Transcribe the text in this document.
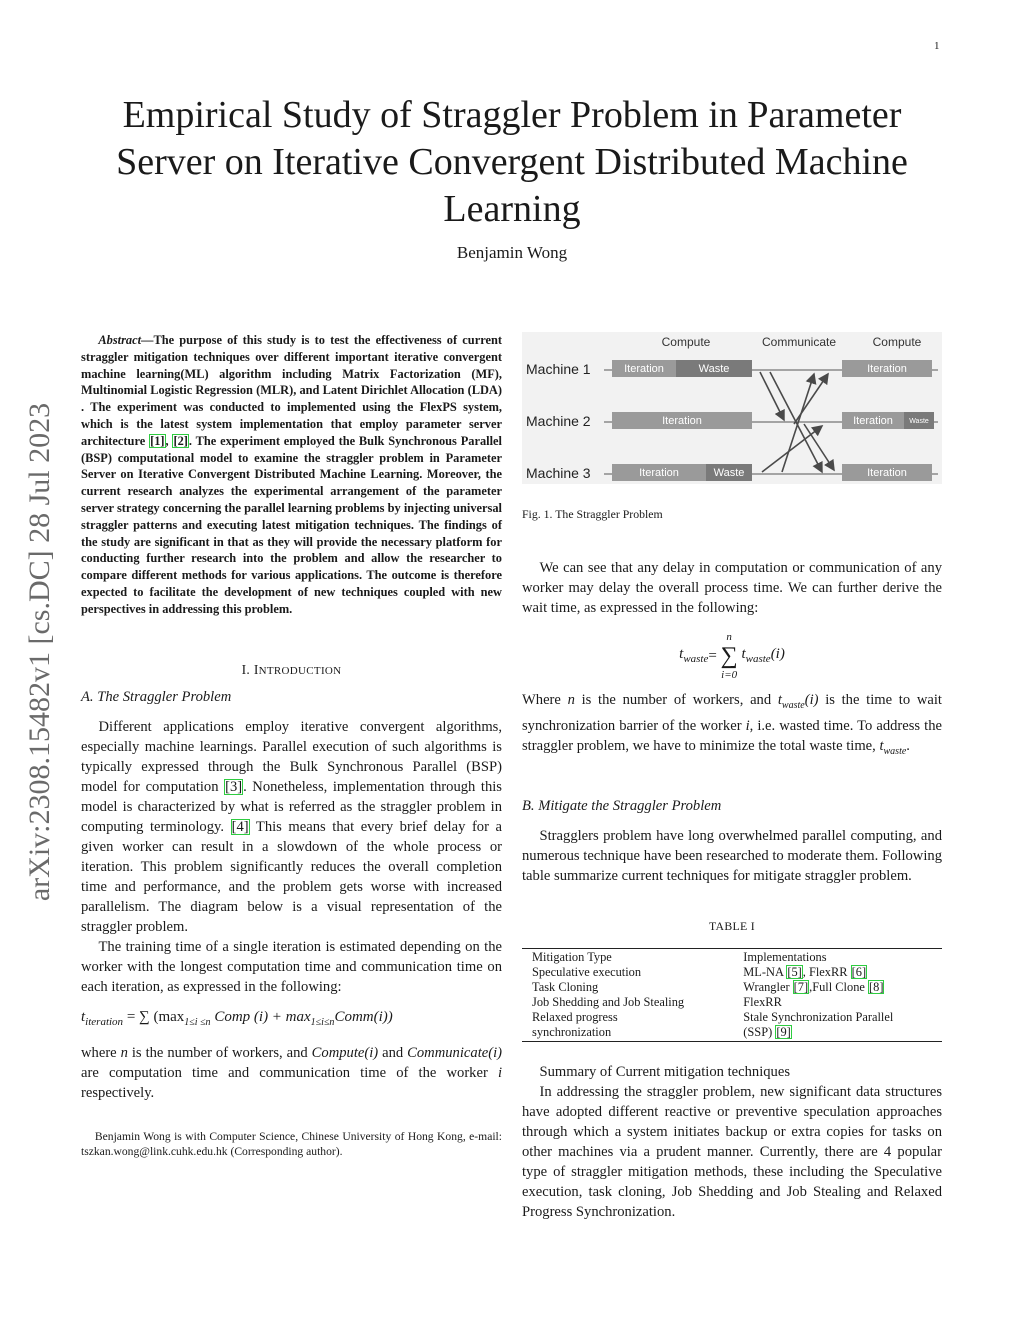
1
arXiv:2308.15482v1 [cs.DC] 28 Jul 2023
Empirical Study of Straggler Problem in Parameter
Server on Iterative Convergent Distributed Machine
Learning
Benjamin Wong

Abstract—The purpose of this study is to test the effectiveness of current straggler mitigation techniques over different important iterative convergent machine learning(ML) algorithm including Matrix Factorization (MF), Multinomial Logistic Regression (MLR), and Latent Dirichlet Allocation (LDA) . The experiment was conducted to implemented using the FlexPS system, which is the latest system implementation that employ parameter server architecture [1], [2]. The experiment employed the Bulk Synchronous Parallel (BSP) computational model to examine the straggler problem in Parameter Server on Iterative Convergent Distributed Machine Learning. Moreover, the current research analyzes the experimental arrangement of the parameter server strategy concerning the parallel learning problems by injecting universal straggler patterns and executing latest mitigation techniques. The findings of the study are significant in that as they will provide the necessary platform for conducting further research into the problem and allow the researcher to compare different methods for various applications. The outcome is therefore expected to facilitate the development of new techniques coupled with new perspectives in addressing this problem.

I. INTRODUCTION
A. The Straggler Problem

Different applications employ iterative convergent algorithms, especially machine learnings. Parallel execution of such algorithms is typically expressed through the Bulk Synchronous Parallel (BSP) model for computation [3]. Nonetheless, implementation through this model is characterized by what is referred as the straggler problem in computing terminology. [4] This means that every brief delay for a given worker can result in a slowdown of the whole process or iteration. This problem significantly reduces the overall completion time and performance, and the problem gets worse with increased parallelism. The diagram below is a visual representation of the straggler problem.

The training time of a single iteration is estimated depending on the worker with the longest computation time and communication time on each iteration, as expressed in the following:

$t_{iteration}$ = ∑ ($\max_{1\le i \le n}$ Comp $(i) + \max_{1\le i\le n}Comm(i)$)

where n is the number of workers, and Compute(i) and Communicate(i) are computation time and communication time of the worker i respectively.

Benjamin Wong is with Computer Science, Chinese University of Hong Kong, e-mail: tszkan.wong@link.cuhk.edu.hk (Corresponding author).

Compute	Communicate	Compute
Machine 1
Machine 2
Machine 3
Iteration	Waste	Iteration
Iteration	Iteration Waste
Iteration	Waste	Iteration
Fig. 1. The Straggler Problem

We can see that any delay in computation or communication of any worker may delay the overall process time. We can further derive the wait time, as expressed in the following:

$t_{waste}=$
n
∑
i=0
$t_{waste}(i)$

Where n is the number of workers, and $t_{waste}(i)$ is the time to wait synchronization barrier of the worker i, i.e. wasted time. To address the straggler problem, we have to minimize the total waste time, $t_{waste}$.

B. Mitigate the Straggler Problem

Stragglers problem have long overwhelmed parallel computing, and numerous technique have been researched to moderate them. Following table summarize current techniques for mitigate straggler problem.

TABLE I
Mitigation Type	Implementations
Speculative execution	ML-NA [5], FlexRR [6]
Task Cloning	Wrangler [7],Full Clone [8]
Job Shedding and Job Stealing	FlexRR
Relaxed progress	Stale Synchronization Parallel
synchronization	(SSP) [9]

Summary of Current mitigation techniques

In addressing the straggler problem, new significant data structures have adopted different reactive or preventive speculation approaches through which a system initiates backup or extra copies for tasks on other machines via a prudent manner. Currently, there are 4 popular type of straggler mitigation methods, these including the Speculative execution, task cloning, Job Shedding and Job Stealing and Relaxed Progress Synchronization.
